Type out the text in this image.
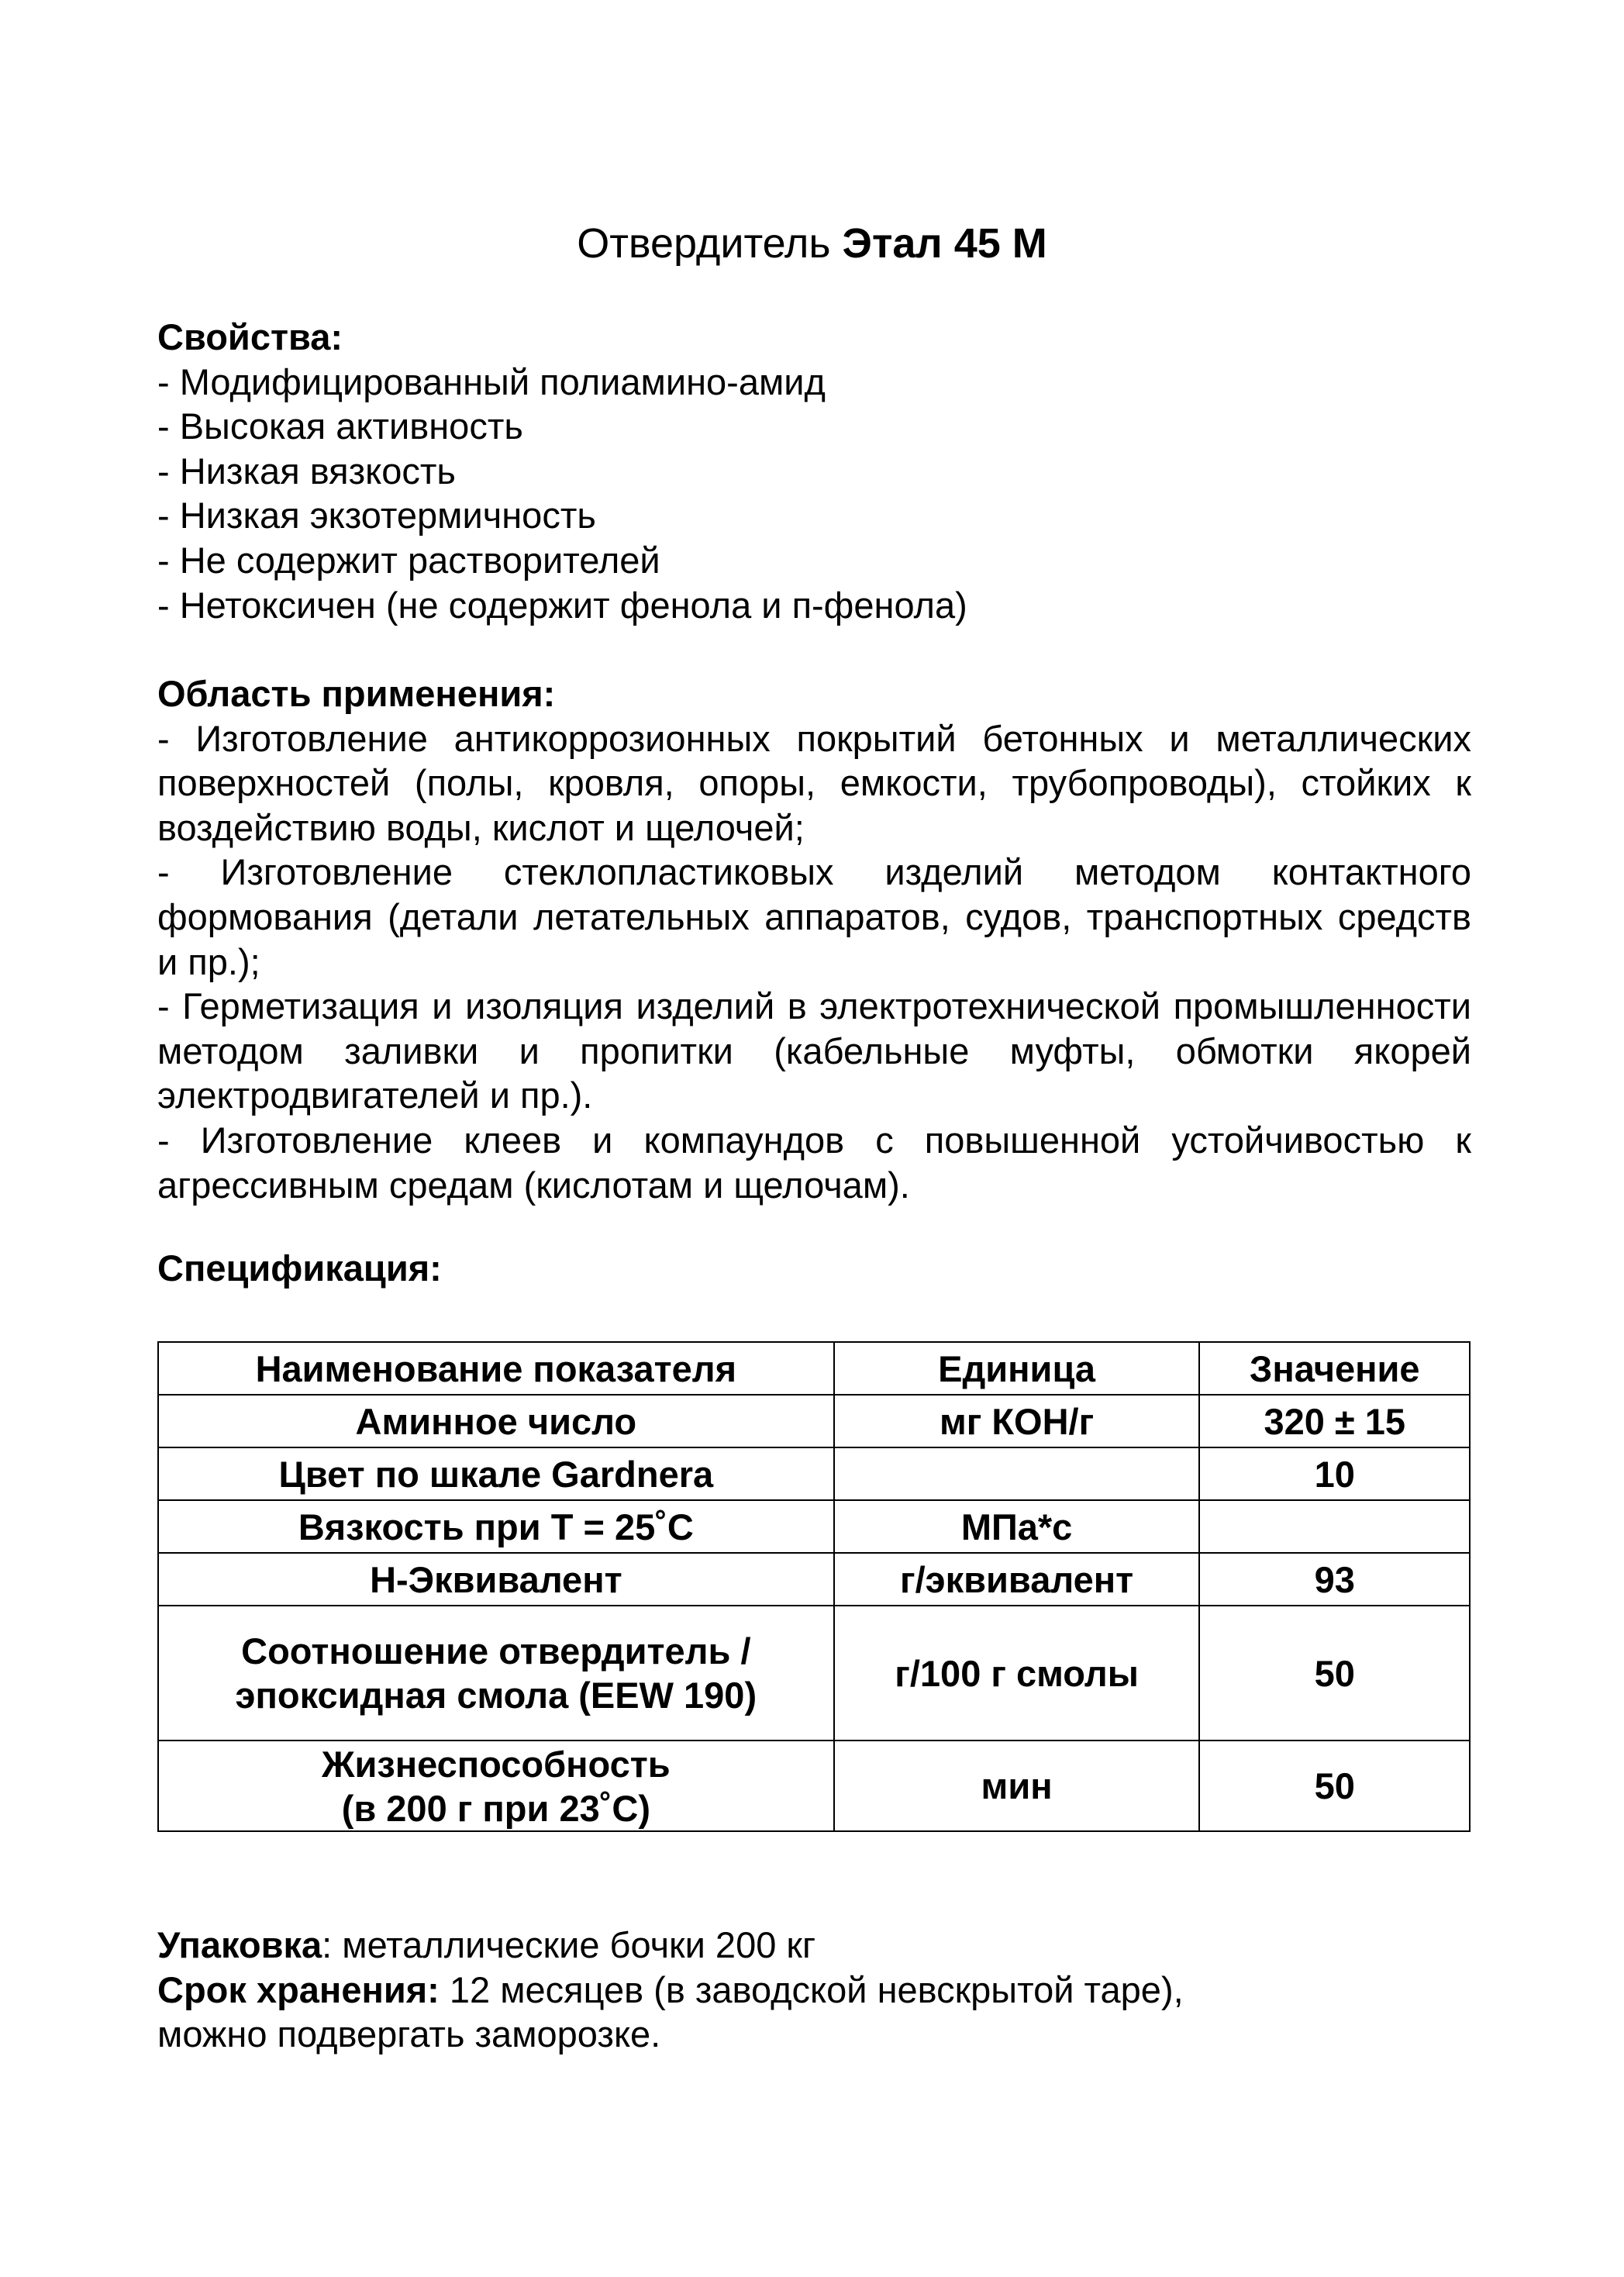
Отвердитель Этал 45 М
Свойства:
- Модифицированный полиамино-амид
- Высокая активность
- Низкая вязкость
- Низкая экзотермичность
- Не содержит растворителей
- Нетоксичен (не содержит фенола и п-фенола)
Область применения:
- Изготовление антикоррозионных покрытий бетонных и металлических поверхностей (полы, кровля, опоры, емкости, трубопроводы), стойких к воздействию воды, кислот и щелочей;
- Изготовление стеклопластиковых изделий методом контактного формования (детали летательных аппаратов, судов, транспортных средств и пр.);
- Герметизация и изоляция изделий в электротехнической промышленности методом заливки и пропитки (кабельные муфты, обмотки якорей электродвигателей и пр.).
- Изготовление клеев и компаундов с повышенной устойчивостью к агрессивным средам (кислотам и щелочам).
Спецификация:
Наименование показателя	Единица	Значение
Аминное число	мг КОН/г	320 ± 15
Цвет по шкале Gardnera		10
Вязкость при Т = 25˚С	МПа*с	
Н-Эквивалент	г/эквивалент	93
Соотношение отвердитель / эпоксидная смола (EEW 190)	г/100 г смолы	50
Жизнеспособность (в 200 г при 23˚С)	мин	50
Упаковка: металлические бочки 200 кг
Срок хранения: 12 месяцев (в заводской невскрытой таре),
можно подвергать заморозке.
